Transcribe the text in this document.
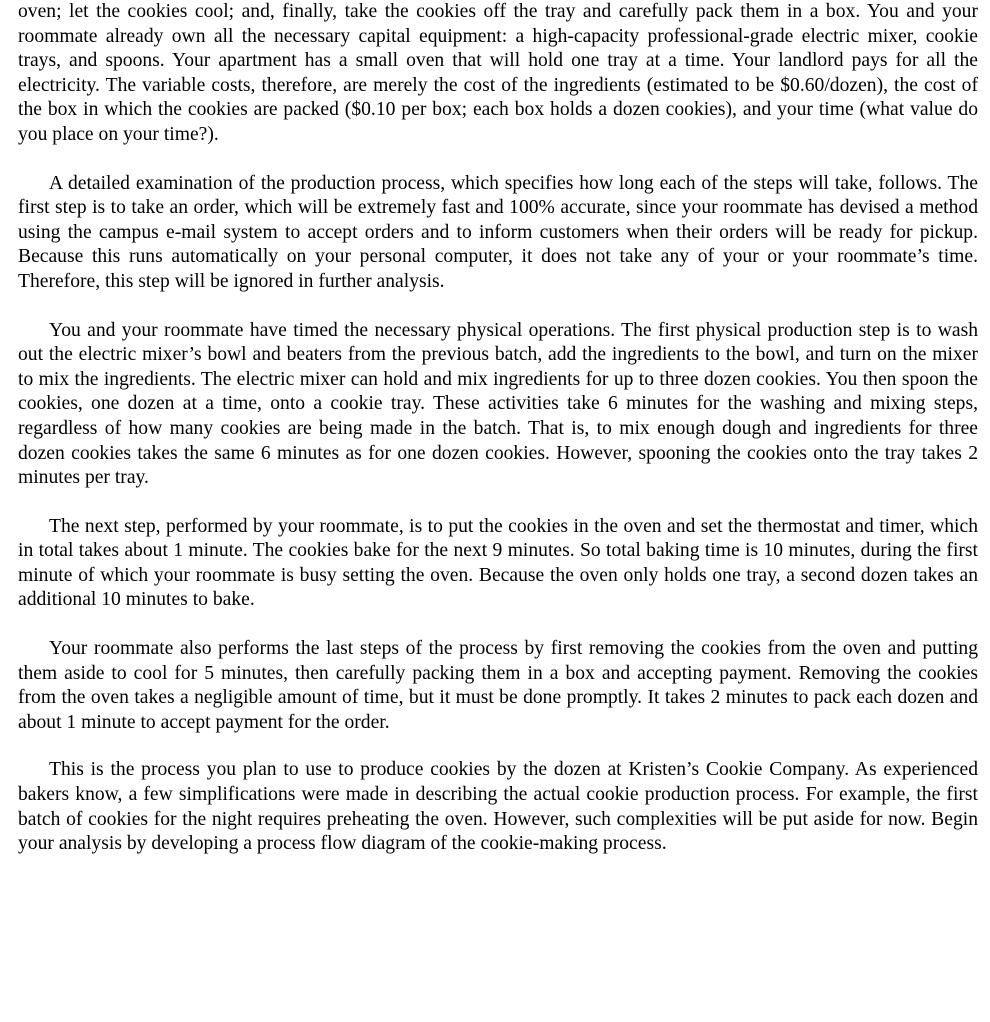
oven; let the cookies cool; and, finally, take the cookies off the tray and carefully pack them in a box. You and your roommate already own all the necessary capital equipment: a high-capacity professional-grade electric mixer, cookie trays, and spoons. Your apartment has a small oven that will hold one tray at a time. Your landlord pays for all the electricity. The variable costs, therefore, are merely the cost of the ingredients (estimated to be $0.60/dozen), the cost of the box in which the cookies are packed ($0.10 per box; each box holds a dozen cookies), and your time (what value do you place on your time?).

A detailed examination of the production process, which specifies how long each of the steps will take, follows. The first step is to take an order, which will be extremely fast and 100% accurate, since your roommate has devised a method using the campus e-mail system to accept orders and to inform customers when their orders will be ready for pickup. Because this runs automatically on your personal computer, it does not take any of your or your roommate’s time. Therefore, this step will be ignored in further analysis.

You and your roommate have timed the necessary physical operations. The first physical production step is to wash out the electric mixer’s bowl and beaters from the previous batch, add the ingredients to the bowl, and turn on the mixer to mix the ingredients. The electric mixer can hold and mix ingredients for up to three dozen cookies. You then spoon the cookies, one dozen at a time, onto a cookie tray. These activities take 6 minutes for the washing and mixing steps, regardless of how many cookies are being made in the batch. That is, to mix enough dough and ingredients for three dozen cookies takes the same 6 minutes as for one dozen cookies. However, spooning the cookies onto the tray takes 2 minutes per tray.

The next step, performed by your roommate, is to put the cookies in the oven and set the thermostat and timer, which in total takes about 1 minute. The cookies bake for the next 9 minutes. So total baking time is 10 minutes, during the first minute of which your roommate is busy setting the oven. Because the oven only holds one tray, a second dozen takes an additional 10 minutes to bake.

Your roommate also performs the last steps of the process by first removing the cookies from the oven and putting them aside to cool for 5 minutes, then carefully packing them in a box and accepting payment. Removing the cookies from the oven takes a negligible amount of time, but it must be done promptly. It takes 2 minutes to pack each dozen and about 1 minute to accept payment for the order.

This is the process you plan to use to produce cookies by the dozen at Kristen’s Cookie Company. As experienced bakers know, a few simplifications were made in describing the actual cookie production process. For example, the first batch of cookies for the night requires preheating the oven. However, such complexities will be put aside for now. Begin your analysis by developing a process flow diagram of the cookie-making process.
